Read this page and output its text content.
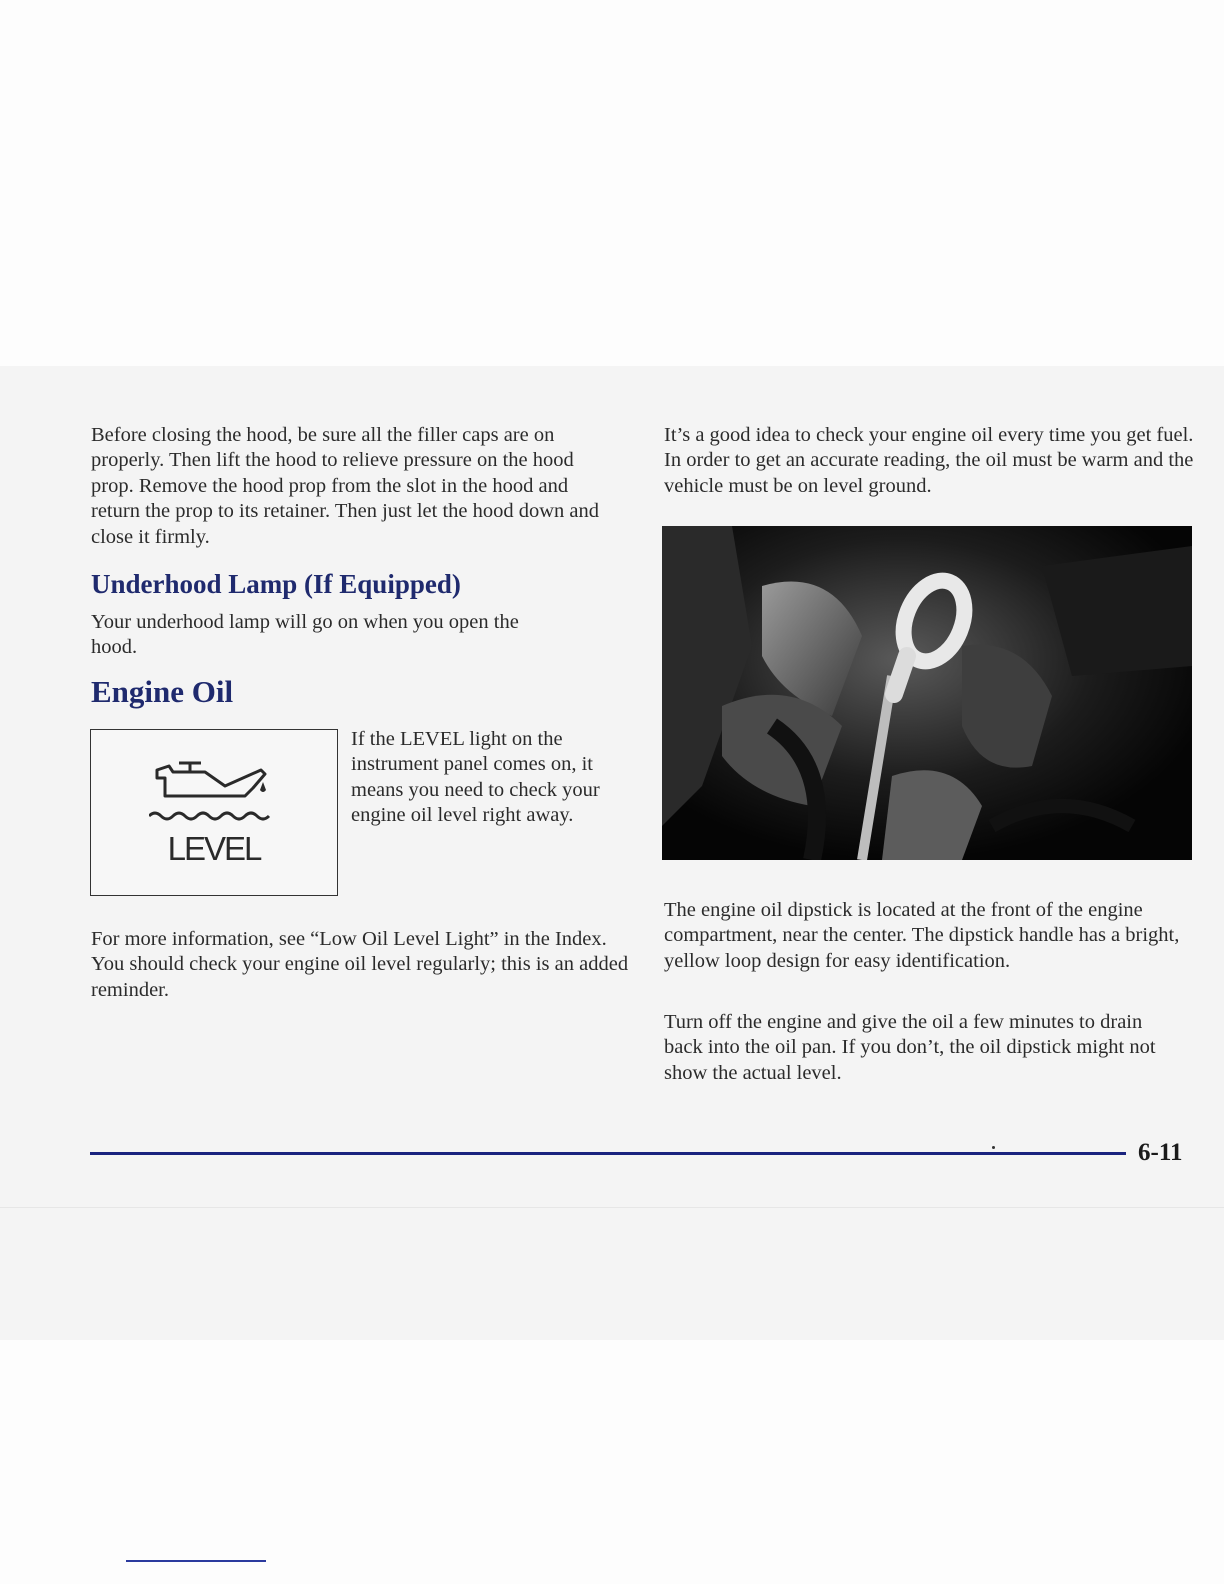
Before closing the hood, be sure all the filler caps are on properly. Then lift the hood to relieve pressure on the hood prop. Remove the hood prop from the slot in the hood and return the prop to its retainer. Then just let the hood down and close it firmly.

Underhood Lamp (If Equipped)

Your underhood lamp will go on when you open the hood.

Engine Oil
LEVEL

If the LEVEL light on the instrument panel comes on, it means you need to check your engine oil level right away.

For more information, see “Low Oil Level Light” in the Index. You should check your engine oil level regularly; this is an added reminder.

It’s a good idea to check your engine oil every time you get fuel. In order to get an accurate reading, the oil must be warm and the vehicle must be on level ground.

The engine oil dipstick is located at the front of the engine compartment, near the center. The dipstick handle has a bright, yellow loop design for easy identification.

Turn off the engine and give the oil a few minutes to drain back into the oil pan. If you don’t, the oil dipstick might not show the actual level.

6-11
